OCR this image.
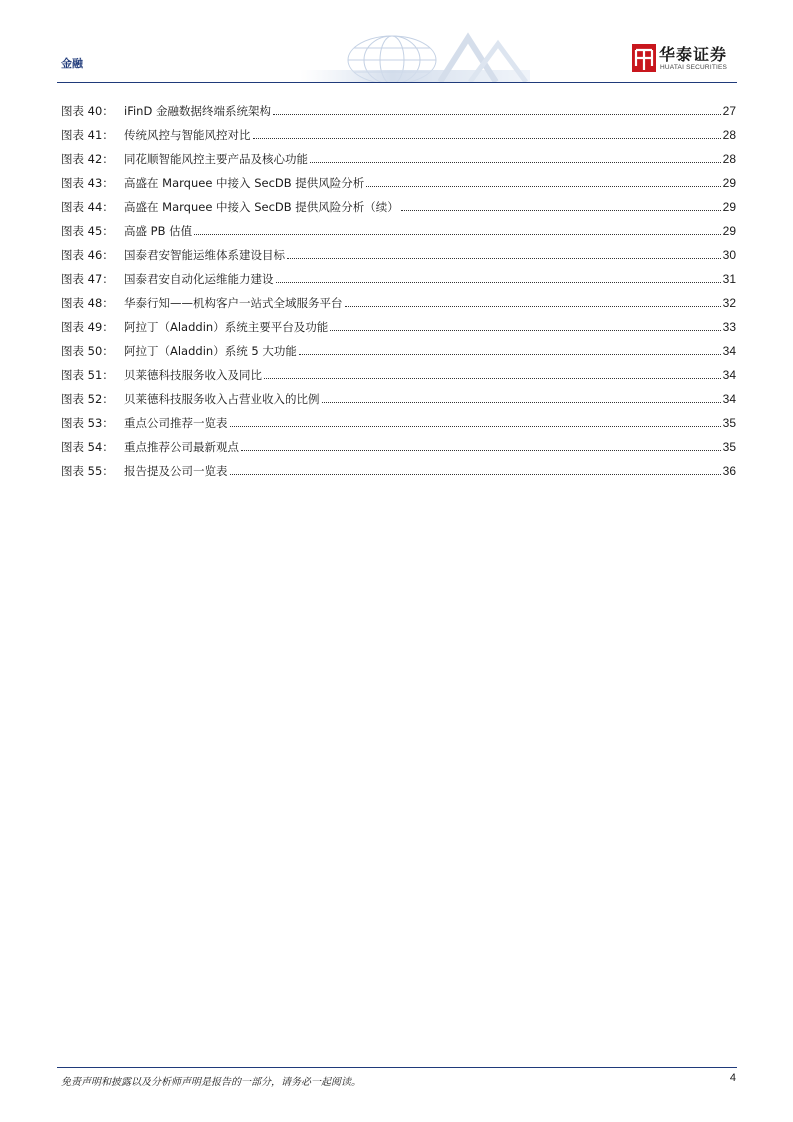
金融	华泰证券
HUATAI SECURITIES
图表 40： iFinD 金融数据终端系统架构	27
图表 41： 传统风控与智能风控对比	28
图表 42： 同花顺智能风控主要产品及核心功能	28
图表 43： 高盛在 Marquee 中接入 SecDB 提供风险分析	29
图表 44： 高盛在 Marquee 中接入 SecDB 提供风险分析（续）	29
图表 45： 高盛 PB 估值	29
图表 46： 国泰君安智能运维体系建设目标	30
图表 47： 国泰君安自动化运维能力建设	31
图表 48： 华泰行知——机构客户一站式全域服务平台	32
图表 49： 阿拉丁（Aladdin）系统主要平台及功能	33
图表 50： 阿拉丁（Aladdin）系统 5 大功能	34
图表 51： 贝莱德科技服务收入及同比	34
图表 52： 贝莱德科技服务收入占营业收入的比例	34
图表 53： 重点公司推荐一览表	35
图表 54： 重点推荐公司最新观点	35
图表 55： 报告提及公司一览表	36
免责声明和披露以及分析师声明是报告的一部分，请务必一起阅读。	4
